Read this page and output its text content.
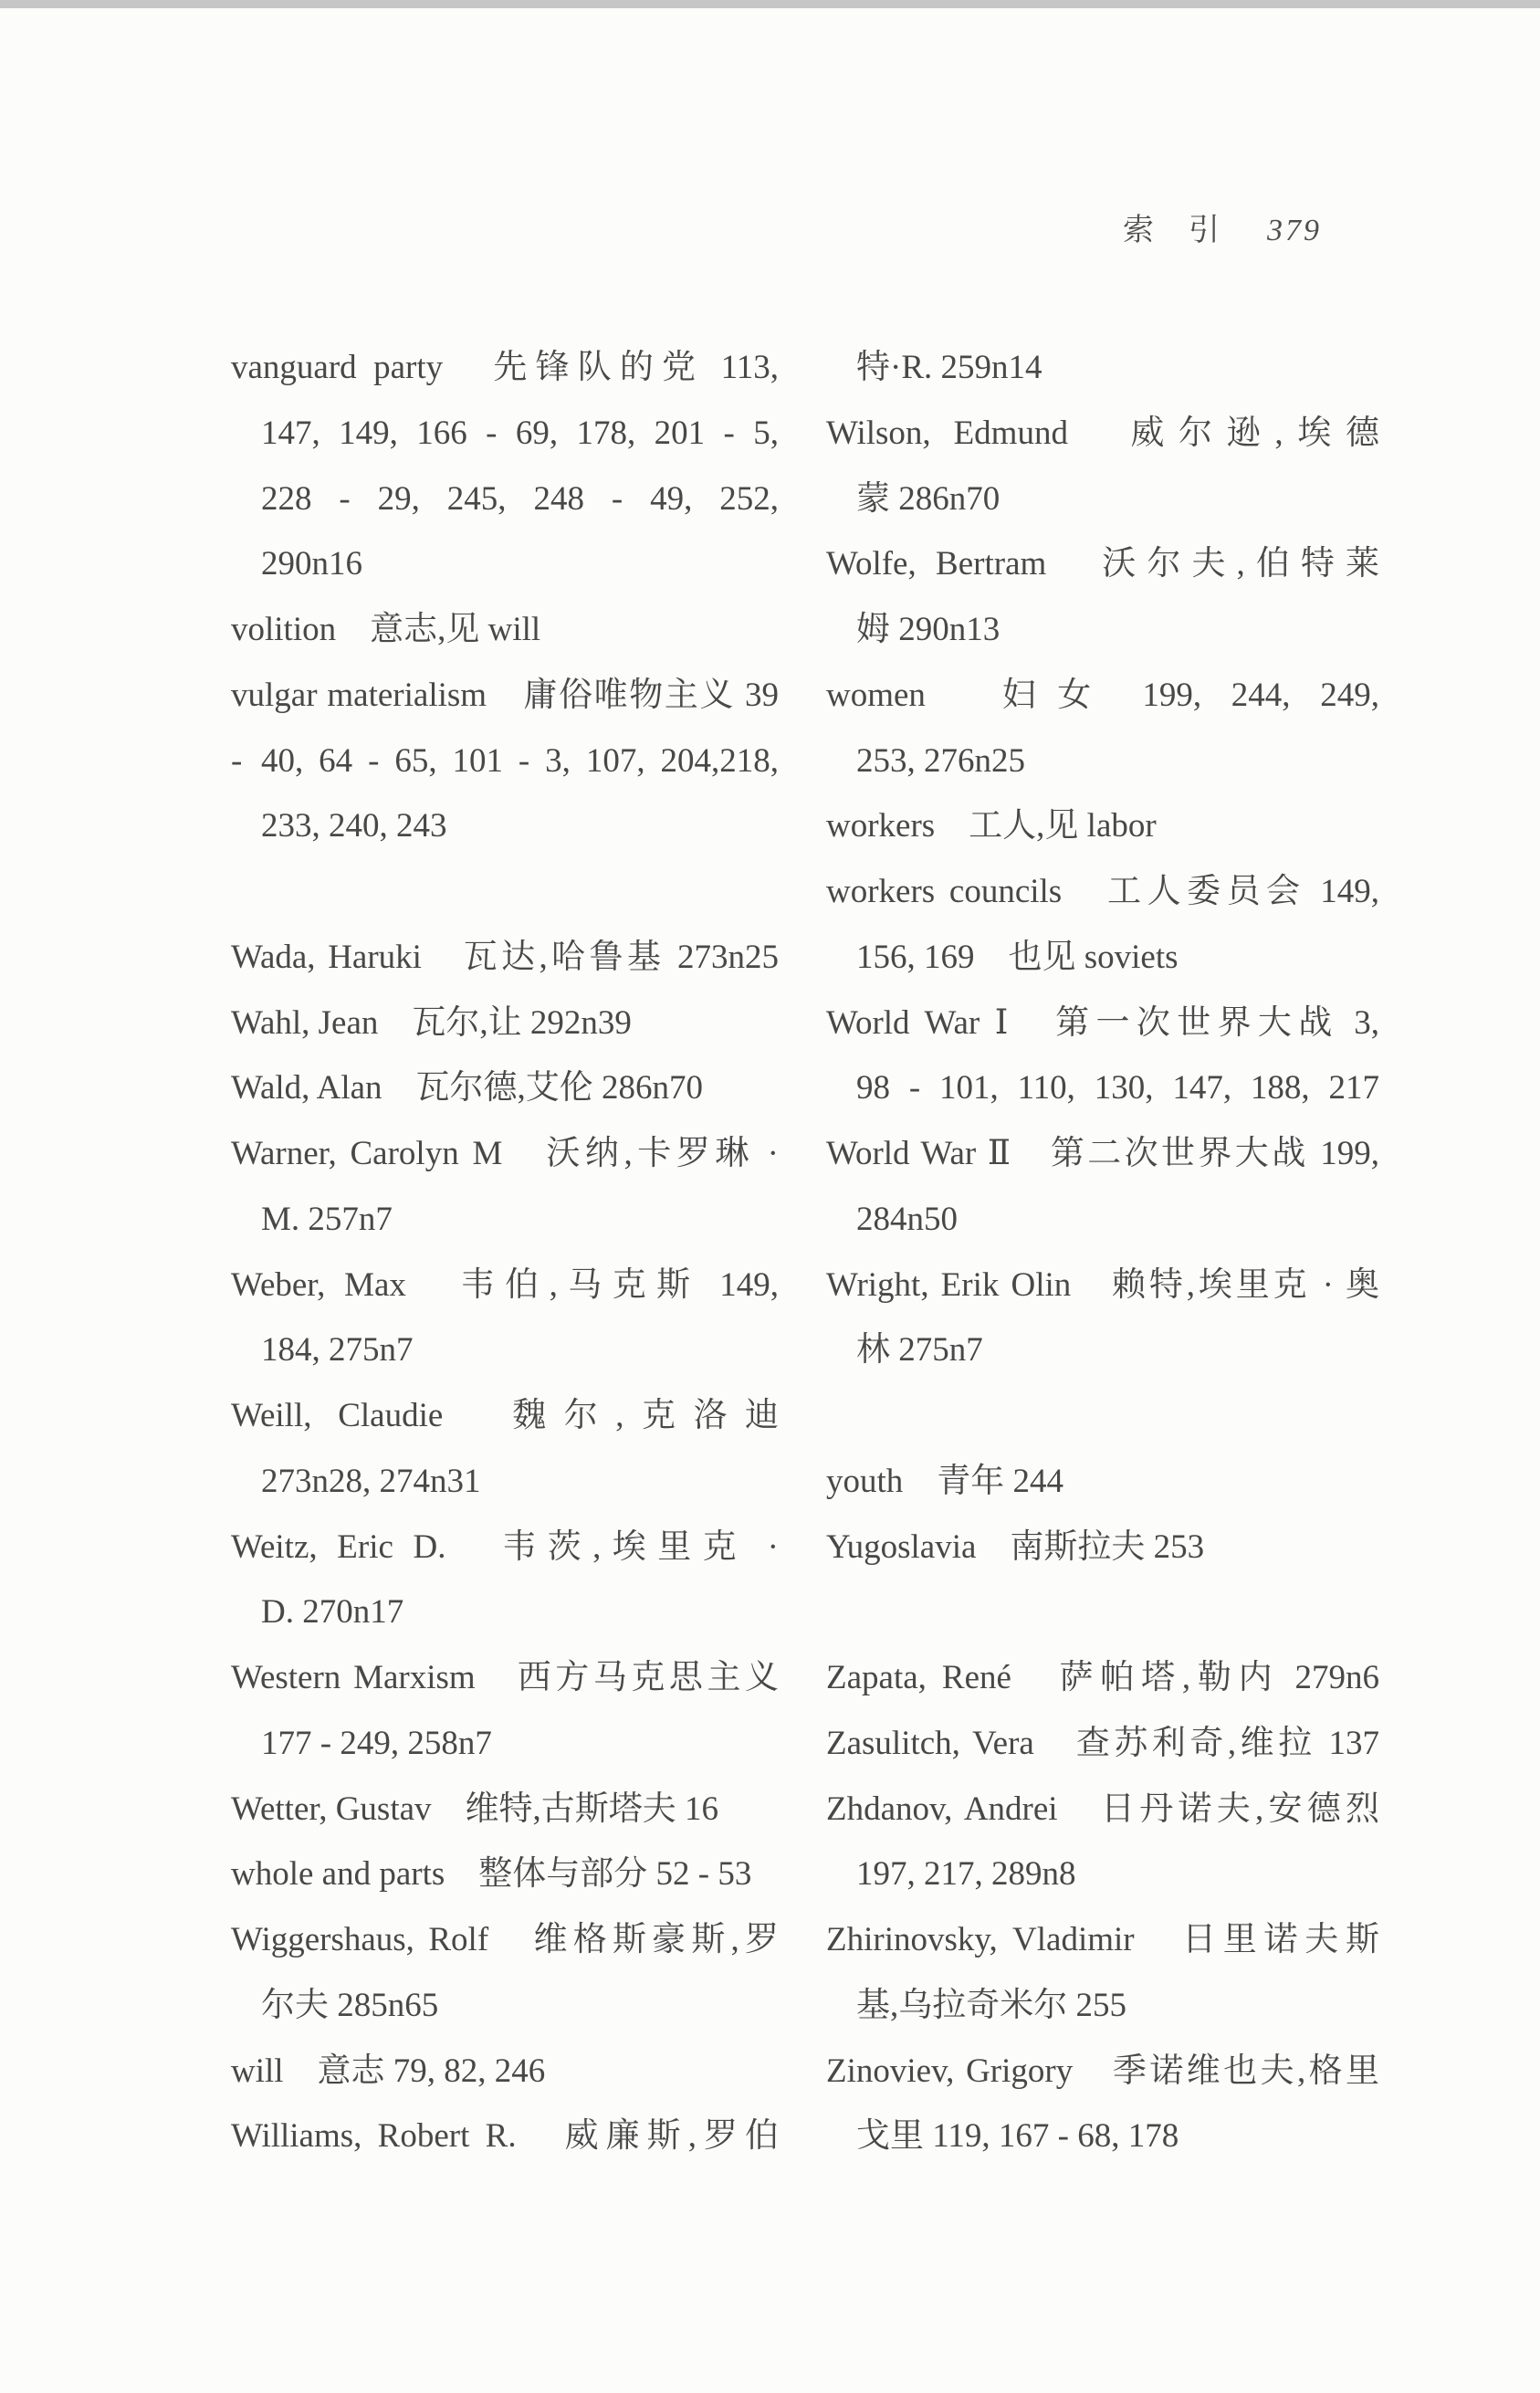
索　引 379
vanguard party　先锋队的党 113,
147, 149, 166 - 69, 178, 201 - 5,
228 - 29, 245, 248 - 49, 252,
290n16
volition　意志,见 will
vulgar materialism　庸俗唯物主义 39 - 40, 64 - 65, 101 - 3, 107, 204,218,
233, 240, 243
Wada, Haruki　瓦达,哈鲁基 273n25
Wahl, Jean　瓦尔,让 292n39
Wald, Alan　瓦尔德,艾伦 286n70
Warner, Carolyn M　沃纳,卡罗琳 ·
M. 257n7
Weber, Max　韦伯,马克斯 149,
184, 275n7
Weill, Claudie　魏尔,克洛迪
273n28, 274n31
Weitz, Eric D.　韦茨,埃里克 ·
D. 270n17
Western Marxism　西方马克思主义
177 - 249, 258n7
Wetter, Gustav　维特,古斯塔夫 16
whole and parts　整体与部分 52 - 53
Wiggershaus, Rolf　维格斯豪斯,罗
尔夫 285n65
will　意志 79, 82, 246
Williams, Robert R.　威廉斯,罗伯
特·R. 259n14
Wilson, Edmund　威尔逊,埃德
蒙 286n70
Wolfe, Bertram　沃尔夫,伯特莱
姆 290n13
women　妇女 199, 244, 249,
253, 276n25
workers　工人,见 labor
workers councils　工人委员会 149,
156, 169　也见 soviets
World War Ⅰ　第一次世界大战 3,
98 - 101, 110, 130, 147, 188, 217
World War Ⅱ　第二次世界大战 199,
284n50
Wright, Erik Olin　赖特,埃里克 · 奥
林 275n7
youth　青年 244
Yugoslavia　南斯拉夫 253
Zapata, René　萨帕塔,勒内 279n6
Zasulitch, Vera　查苏利奇,维拉 137
Zhdanov, Andrei　日丹诺夫,安德烈
197, 217, 289n8
Zhirinovsky, Vladimir　日里诺夫斯
基,乌拉奇米尔 255
Zinoviev, Grigory　季诺维也夫,格里
戈里 119, 167 - 68, 178
